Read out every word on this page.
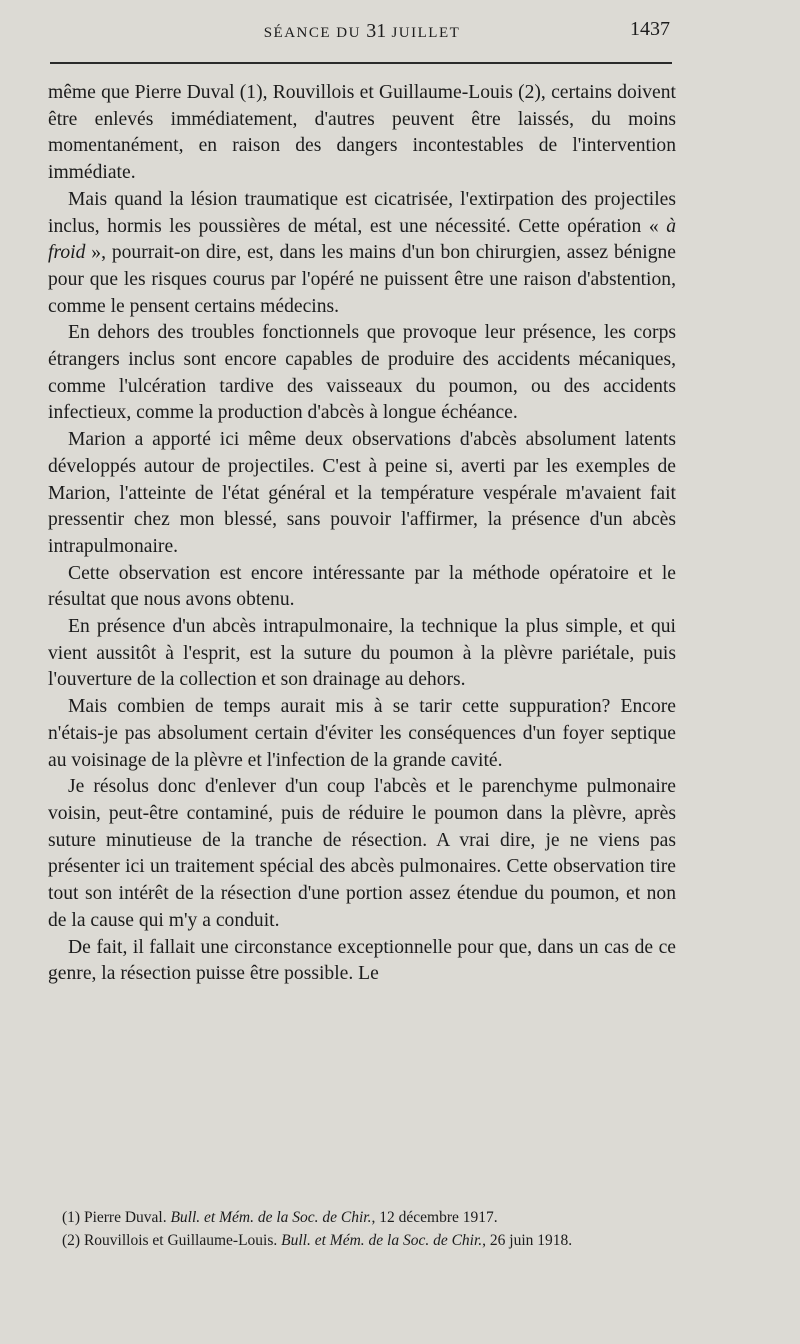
SÉANCE DU 31 JUILLET	1437

même que Pierre Duval (1), Rouvillois et Guillaume-Louis (2), certains doivent être enlevés immédiatement, d'autres peuvent être laissés, du moins momentanément, en raison des dangers incontestables de l'intervention immédiate.

Mais quand la lésion traumatique est cicatrisée, l'extirpation des projectiles inclus, hormis les poussières de métal, est une nécessité. Cette opération « à froid », pourrait-on dire, est, dans les mains d'un bon chirurgien, assez bénigne pour que les risques courus par l'opéré ne puissent être une raison d'abstention, comme le pensent certains médecins.

En dehors des troubles fonctionnels que provoque leur présence, les corps étrangers inclus sont encore capables de produire des accidents mécaniques, comme l'ulcération tardive des vaisseaux du poumon, ou des accidents infectieux, comme la production d'abcès à longue échéance.

Marion a apporté ici même deux observations d'abcès absolument latents développés autour de projectiles. C'est à peine si, averti par les exemples de Marion, l'atteinte de l'état général et la température vespérale m'avaient fait pressentir chez mon blessé, sans pouvoir l'affirmer, la présence d'un abcès intrapulmonaire.

Cette observation est encore intéressante par la méthode opératoire et le résultat que nous avons obtenu.

En présence d'un abcès intrapulmonaire, la technique la plus simple, et qui vient aussitôt à l'esprit, est la suture du poumon à la plèvre pariétale, puis l'ouverture de la collection et son drainage au dehors.

Mais combien de temps aurait mis à se tarir cette suppuration? Encore n'étais-je pas absolument certain d'éviter les conséquences d'un foyer septique au voisinage de la plèvre et l'infection de la grande cavité.

Je résolus donc d'enlever d'un coup l'abcès et le parenchyme pulmonaire voisin, peut-être contaminé, puis de réduire le poumon dans la plèvre, après suture minutieuse de la tranche de résection. A vrai dire, je ne viens pas présenter ici un traitement spécial des abcès pulmonaires. Cette observation tire tout son intérêt de la résection d'une portion assez étendue du poumon, et non de la cause qui m'y a conduit.

De fait, il fallait une circonstance exceptionnelle pour que, dans un cas de ce genre, la résection puisse être possible. Le

(1) Pierre Duval. Bull. et Mém. de la Soc. de Chir., 12 décembre 1917.

(2) Rouvillois et Guillaume-Louis. Bull. et Mém. de la Soc. de Chir., 26 juin 1918.
